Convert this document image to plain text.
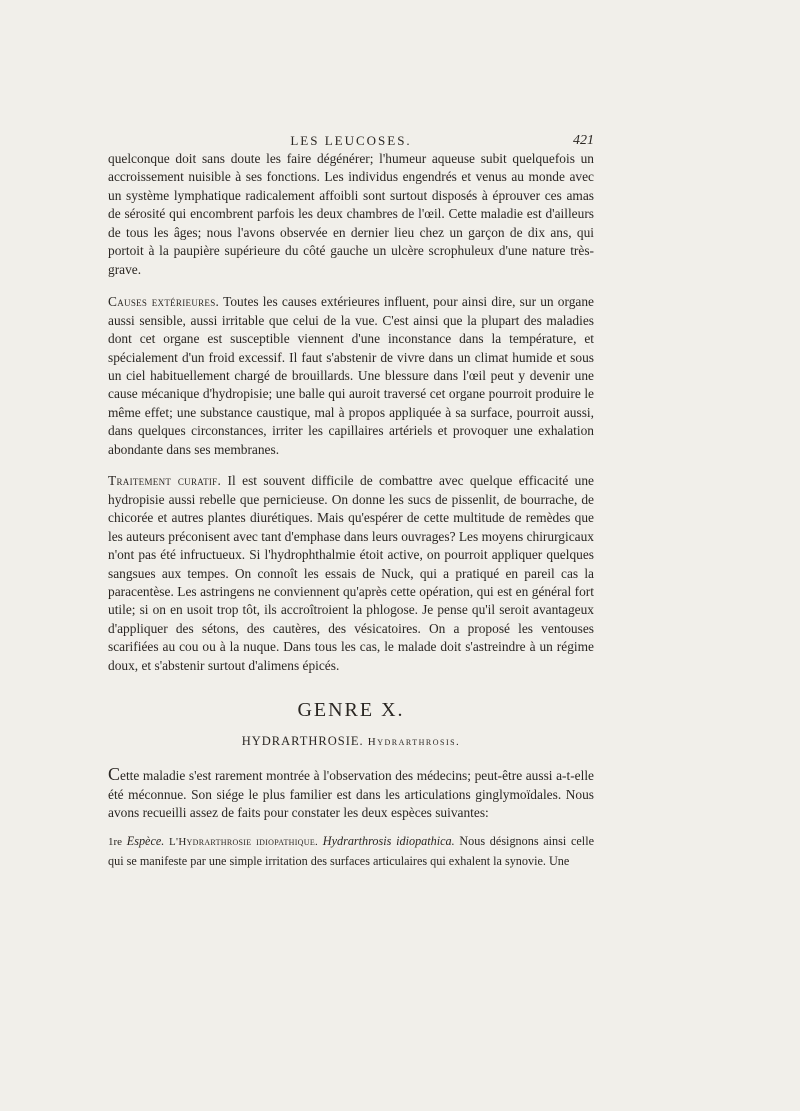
LES LEUCOSES.	421

quelconque doit sans doute les faire dégénérer; l'humeur aqueuse subit quelquefois un accroissement nuisible à ses fonctions. Les individus engendrés et venus au monde avec un système lymphatique radicalement affoibli sont surtout disposés à éprouver ces amas de sérosité qui encombrent parfois les deux chambres de l'œil. Cette maladie est d'ailleurs de tous les âges; nous l'avons observée en dernier lieu chez un garçon de dix ans, qui portoit à la paupière supérieure du côté gauche un ulcère scrophuleux d'une nature très-grave.

Causes extérieures. Toutes les causes extérieures influent, pour ainsi dire, sur un organe aussi sensible, aussi irritable que celui de la vue. C'est ainsi que la plupart des maladies dont cet organe est susceptible viennent d'une inconstance dans la température, et spécialement d'un froid excessif. Il faut s'abstenir de vivre dans un climat humide et sous un ciel habituellement chargé de brouillards. Une blessure dans l'œil peut y devenir une cause mécanique d'hydropisie; une balle qui auroit traversé cet organe pourroit produire le même effet; une substance caustique, mal à propos appliquée à sa surface, pourroit aussi, dans quelques circonstances, irriter les capillaires artériels et provoquer une exhalation abondante dans ses membranes.

Traitement curatif. Il est souvent difficile de combattre avec quelque efficacité une hydropisie aussi rebelle que pernicieuse. On donne les sucs de pissenlit, de bourrache, de chicorée et autres plantes diurétiques. Mais qu'espérer de cette multitude de remèdes que les auteurs préconisent avec tant d'emphase dans leurs ouvrages? Les moyens chirurgicaux n'ont pas été infructueux. Si l'hydrophthalmie étoit active, on pourroit appliquer quelques sangsues aux tempes. On connoît les essais de Nuck, qui a pratiqué en pareil cas la paracentèse. Les astringens ne conviennent qu'après cette opération, qui est en général fort utile; si on en usoit trop tôt, ils accroîtroient la phlogose. Je pense qu'il seroit avantageux d'appliquer des sétons, des cautères, des vésicatoires. On a proposé les ventouses scarifiées au cou ou à la nuque. Dans tous les cas, le malade doit s'astreindre à un régime doux, et s'abstenir surtout d'alimens épicés.

GENRE X.
HYDRARTHROSIE. Hydrarthrosis.

Cette maladie s'est rarement montrée à l'observation des médecins; peut-être aussi a-t-elle été méconnue. Son siége le plus familier est dans les articulations ginglymoïdales. Nous avons recueilli assez de faits pour constater les deux espèces suivantes:

1re Espèce. L'Hydrarthrosie idiopathique. Hydrarthrosis idiopathica. Nous désignons ainsi celle qui se manifeste par une simple irritation des surfaces articulaires qui exhalent la synovie. Une
